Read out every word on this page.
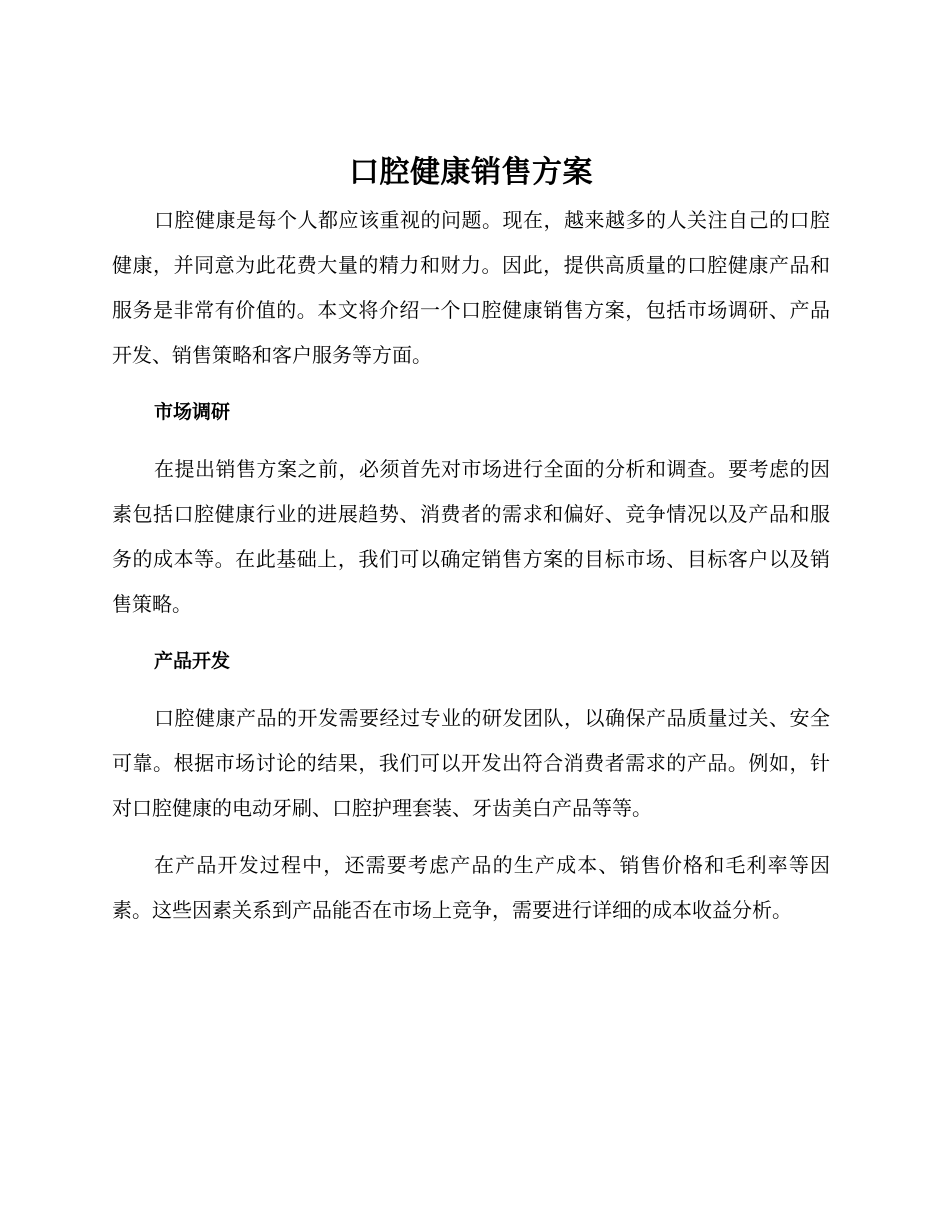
口腔健康销售方案

口腔健康是每个人都应该重视的问题。现在，越来越多的人关注自己的口腔健康，并同意为此花费大量的精力和财力。因此，提供高质量的口腔健康产品和服务是非常有价值的。本文将介绍一个口腔健康销售方案，包括市场调研、产品开发、销售策略和客户服务等方面。

市场调研

在提出销售方案之前，必须首先对市场进行全面的分析和调查。要考虑的因素包括口腔健康行业的进展趋势、消费者的需求和偏好、竞争情况以及产品和服务的成本等。在此基础上，我们可以确定销售方案的目标市场、目标客户以及销售策略。

产品开发

口腔健康产品的开发需要经过专业的研发团队，以确保产品质量过关、安全可靠。根据市场讨论的结果，我们可以开发出符合消费者需求的产品。例如，针对口腔健康的电动牙刷、口腔护理套装、牙齿美白产品等等。

在产品开发过程中，还需要考虑产品的生产成本、销售价格和毛利率等因素。这些因素关系到产品能否在市场上竞争，需要进行详细的成本收益分析。
